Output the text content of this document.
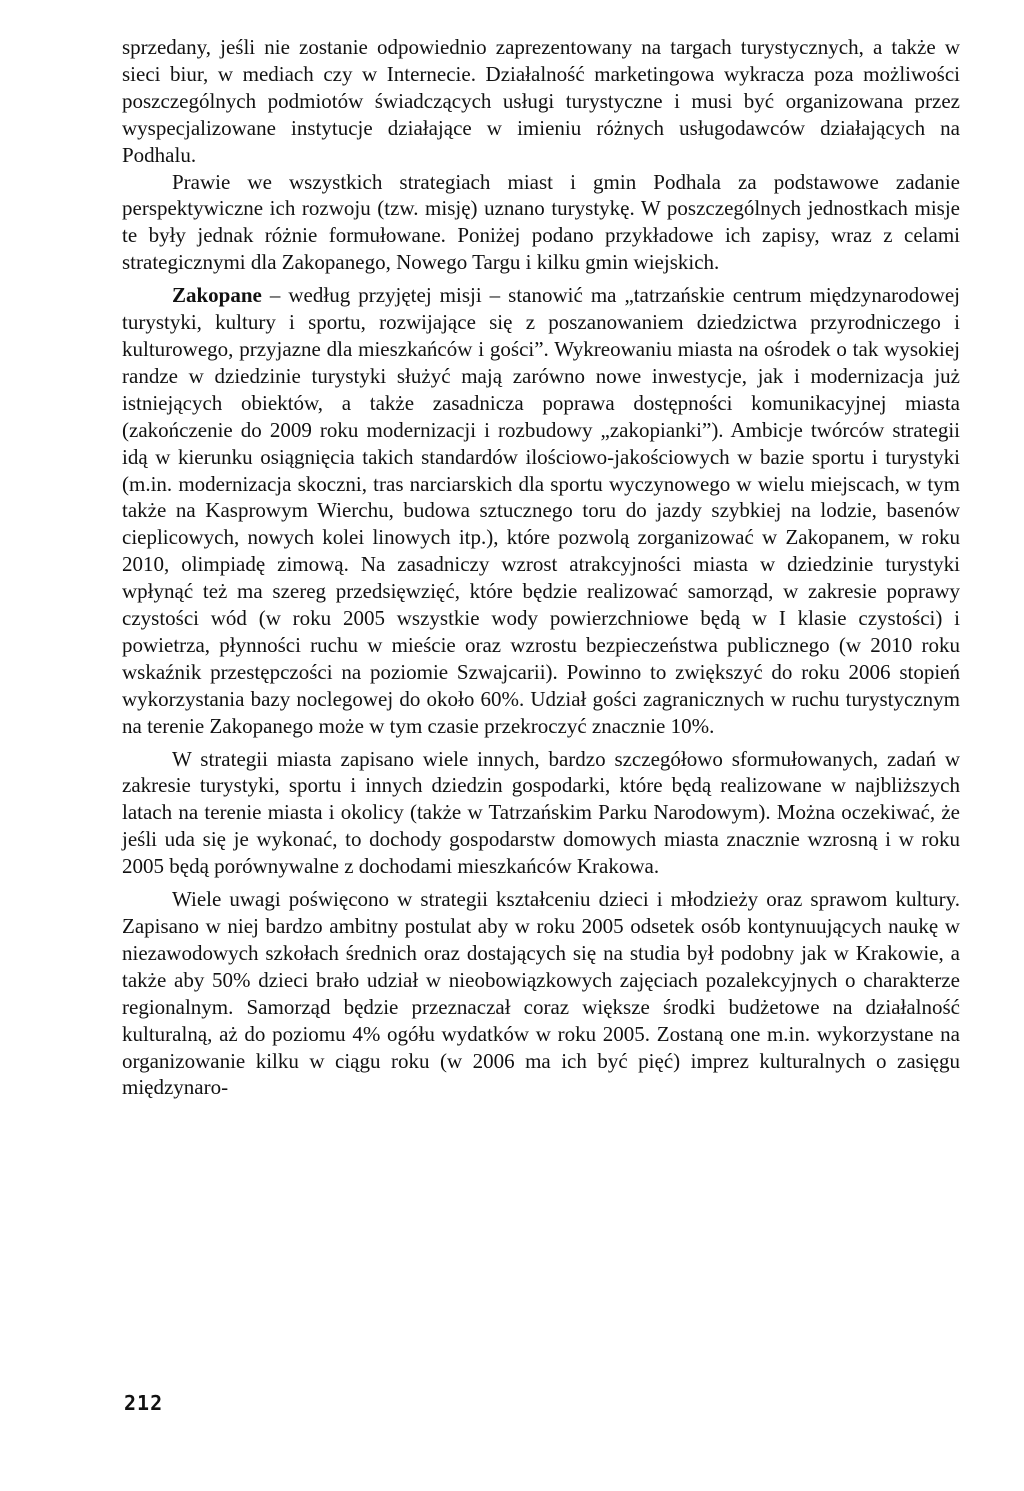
sprzedany, jeśli nie zostanie odpowiednio zaprezentowany na targach turystycznych, a także w sieci biur, w mediach czy w Internecie. Działalność marketingowa wykracza poza możliwości poszczególnych podmiotów świadczących usługi turystyczne i musi być organizowana przez wyspecjalizowane instytucje działające w imieniu różnych usługodawców działających na Podhalu.

Prawie we wszystkich strategiach miast i gmin Podhala za podstawowe zadanie perspektywiczne ich rozwoju (tzw. misję) uznano turystykę. W poszczególnych jednostkach misje te były jednak różnie formułowane. Poniżej podano przykładowe ich zapisy, wraz z celami strategicznymi dla Zakopanego, Nowego Targu i kilku gmin wiejskich.

Zakopane – według przyjętej misji – stanowić ma „tatrzańskie centrum międzynarodowej turystyki, kultury i sportu, rozwijające się z poszanowaniem dziedzictwa przyrodniczego i kulturowego, przyjazne dla mieszkańców i gości”. Wykreowaniu miasta na ośrodek o tak wysokiej randze w dziedzinie turystyki służyć mają zarówno nowe inwestycje, jak i modernizacja już istniejących obiektów, a także zasadnicza poprawa dostępności komunikacyjnej miasta (zakończenie do 2009 roku modernizacji i rozbudowy „zakopianki”). Ambicje twórców strategii idą w kierunku osiągnięcia takich standardów ilościowo-jakościowych w bazie sportu i turystyki (m.in. modernizacja skoczni, tras narciarskich dla sportu wyczynowego w wielu miejscach, w tym także na Kasprowym Wierchu, budowa sztucznego toru do jazdy szybkiej na lodzie, basenów cieplicowych, nowych kolei linowych itp.), które pozwolą zorganizować w Zakopanem, w roku 2010, olimpiadę zimową. Na zasadniczy wzrost atrakcyjności miasta w dziedzinie turystyki wpłynąć też ma szereg przedsięwzięć, które będzie realizować samorząd, w zakresie poprawy czystości wód (w roku 2005 wszystkie wody powierzchniowe będą w I klasie czystości) i powietrza, płynności ruchu w mieście oraz wzrostu bezpieczeństwa publicznego (w 2010 roku wskaźnik przestępczości na poziomie Szwajcarii). Powinno to zwiększyć do roku 2006 stopień wykorzystania bazy noclegowej do około 60%. Udział gości zagranicznych w ruchu turystycznym na terenie Zakopanego może w tym czasie przekroczyć znacznie 10%.

W strategii miasta zapisano wiele innych, bardzo szczegółowo sformułowanych, zadań w zakresie turystyki, sportu i innych dziedzin gospodarki, które będą realizowane w najbliższych latach na terenie miasta i okolicy (także w Tatrzańskim Parku Narodowym). Można oczekiwać, że jeśli uda się je wykonać, to dochody gospodarstw domowych miasta znacznie wzrosną i w roku 2005 będą porównywalne z dochodami mieszkańców Krakowa.

Wiele uwagi poświęcono w strategii kształceniu dzieci i młodzieży oraz sprawom kultury. Zapisano w niej bardzo ambitny postulat aby w roku 2005 odsetek osób kontynuujących naukę w niezawodowych szkołach średnich oraz dostających się na studia był podobny jak w Krakowie, a także aby 50% dzieci brało udział w nieobowiązkowych zajęciach pozalekcyjnych o charakterze regionalnym. Samorząd będzie przeznaczał coraz większe środki budżetowe na działalność kulturalną, aż do poziomu 4% ogółu wydatków w roku 2005. Zostaną one m.in. wykorzystane na organizowanie kilku w ciągu roku (w 2006 ma ich być pięć) imprez kulturalnych o zasięgu międzynaro-

212
